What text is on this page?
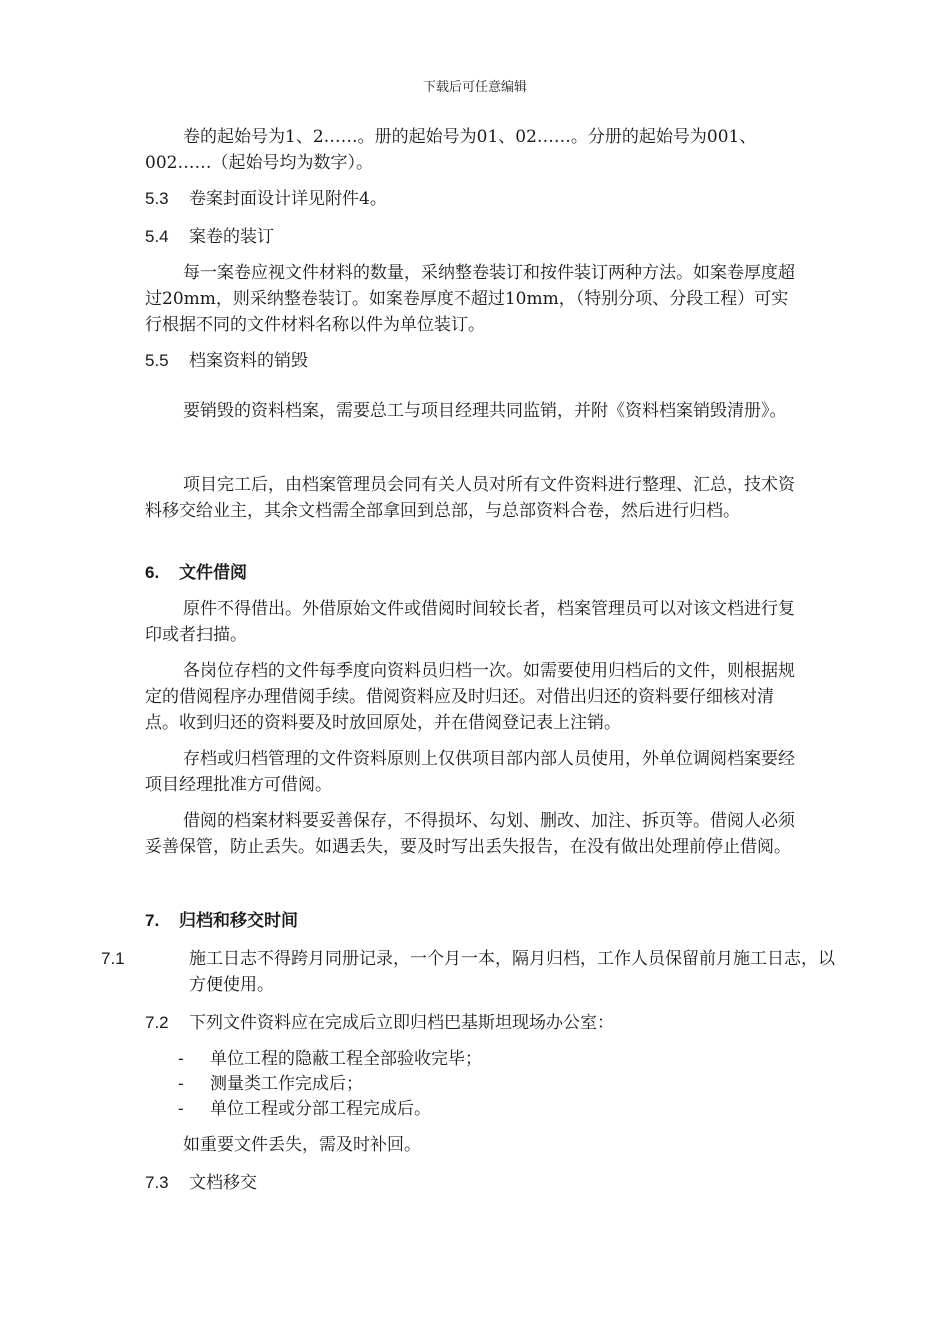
下载后可任意编辑
卷的起始号为1、2……。册的起始号为01、02……。分册的起始号为001、002……（起始号均为数字）。
5.3 卷案封面设计详见附件4。
5.4 案卷的装订
每一案卷应视文件材料的数量，采纳整卷装订和按件装订两种方法。如案卷厚度超过20mm，则采纳整卷装订。如案卷厚度不超过10mm，（特别分项、分段工程）可实行根据不同的文件材料名称以件为单位装订。
5.5 档案资料的销毁
要销毁的资料档案，需要总工与项目经理共同监销，并附《资料档案销毁清册》。
项目完工后，由档案管理员会同有关人员对所有文件资料进行整理、汇总，技术资料移交给业主，其余文档需全部拿回到总部，与总部资料合卷，然后进行归档。
6. 文件借阅
原件不得借出。外借原始文件或借阅时间较长者，档案管理员可以对该文档进行复印或者扫描。
各岗位存档的文件每季度向资料员归档一次。如需要使用归档后的文件，则根据规定的借阅程序办理借阅手续。借阅资料应及时归还。对借出归还的资料要仔细核对清点。收到归还的资料要及时放回原处，并在借阅登记表上注销。
存档或归档管理的文件资料原则上仅供项目部内部人员使用，外单位调阅档案要经项目经理批准方可借阅。
借阅的档案材料要妥善保存，不得损坏、勾划、删改、加注、拆页等。借阅人必须妥善保管，防止丢失。如遇丢失，要及时写出丢失报告，在没有做出处理前停止借阅。
7. 归档和移交时间
7.1	施工日志不得跨月同册记录，一个月一本，隔月归档，工作人员保留前月施工日志，以方便使用。
7.2 下列文件资料应在完成后立即归档巴基斯坦现场办公室：
- 单位工程的隐蔽工程全部验收完毕；
- 测量类工作完成后；
- 单位工程或分部工程完成后。
如重要文件丢失，需及时补回。
7.3 文档移交
